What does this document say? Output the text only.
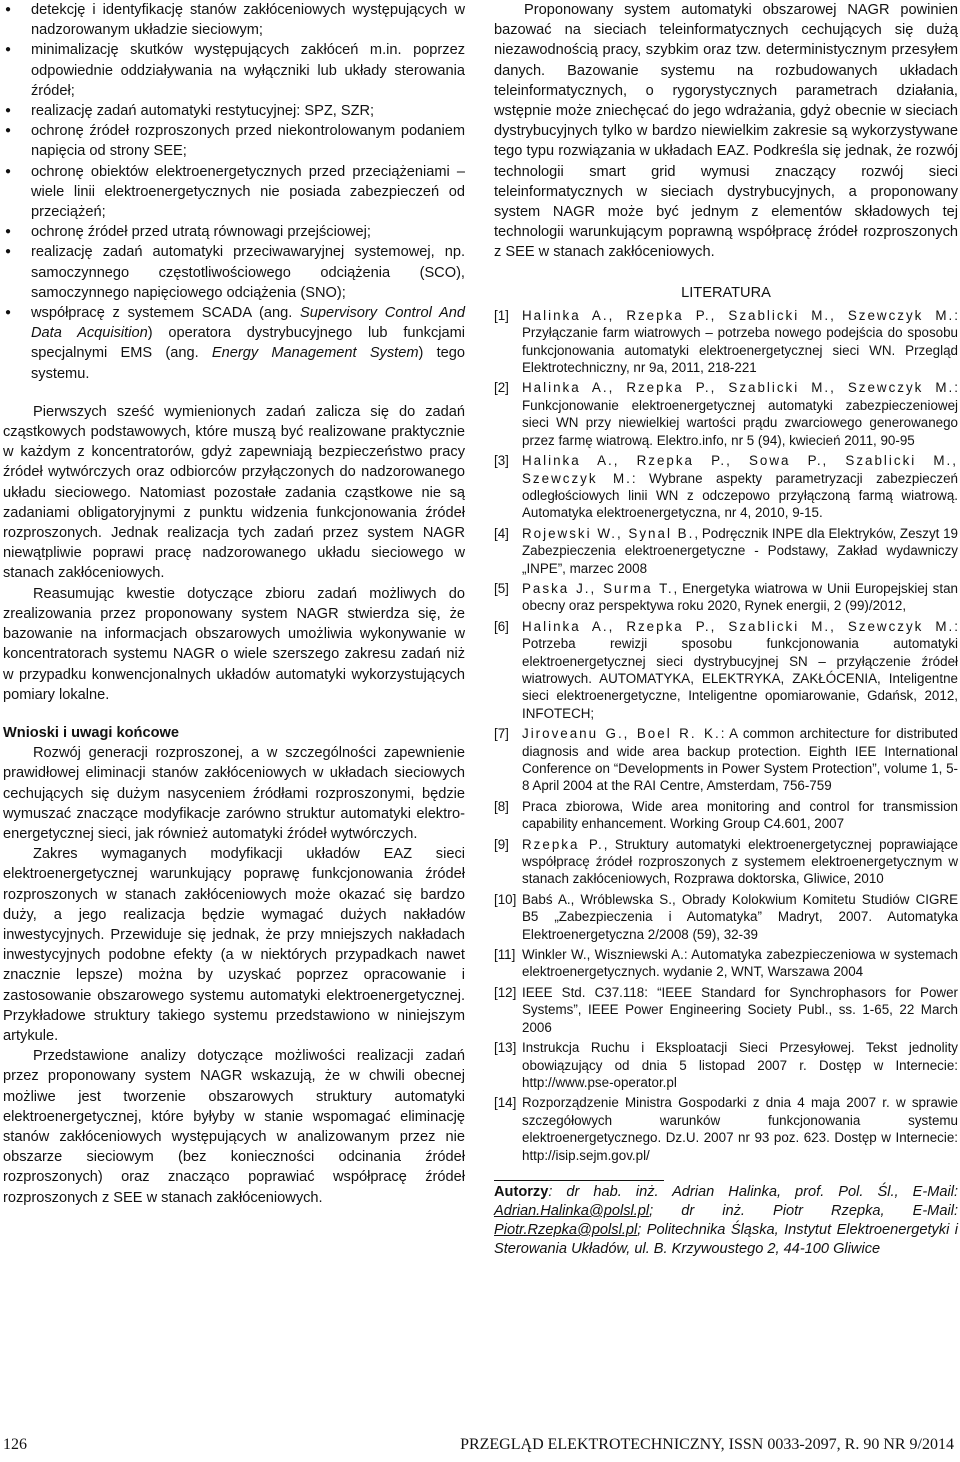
● detekcję i identyfikację stanów zakłóceniowych występujących w nadzorowanym układzie sieciowym;
● minimalizację skutków występujących zakłóceń m.in. poprzez odpowiednie oddziaływania na wyłączniki lub układy sterowania źródeł;
● realizację zadań automatyki restytucyjnej: SPZ, SZR;
● ochronę źródeł rozproszonych przed niekontrolowanym podaniem napięcia od strony SEE;
● ochronę obiektów elektroenergetycznych przed przeciążeniami – wiele linii elektroenergetycznych nie posiada zabezpieczeń od przeciążeń;
● ochronę źródeł przed utratą równowagi przejściowej;
● realizację zadań automatyki przeciwawaryjnej systemowej, np. samoczynnego częstotliwościowego odciążenia (SCO), samoczynnego napięciowego odciążenia (SNO);
● współpracę z systemem SCADA (ang. Supervisory Control And Data Acquisition) operatora dystrybucyjnego lub funkcjami specjalnymi EMS (ang. Energy Management System) tego systemu.

Pierwszych sześć wymienionych zadań zalicza się do zadań cząstkowych podstawowych, które muszą być realizowane praktycznie w każdym z koncentratorów, gdyż zapewniają bezpieczeństwo pracy źródeł wytwórczych oraz odbiorców przyłączonych do nadzorowanego układu sieciowego. Natomiast pozostałe zadania cząstkowe nie są zadaniami obligatoryjnymi z punktu widzenia funkcjonowania źródeł rozproszonych. Jednak realizacja tych zadań przez system NAGR niewątpliwie poprawi pracę nadzorowanego układu sieciowego w stanach zakłóceniowych.

Reasumując kwestie dotyczące zbioru zadań możliwych do zrealizowania przez proponowany system NAGR stwierdza się, że bazowanie na informacjach obszarowych umożliwia wykonywanie w koncentratorach systemu NAGR o wiele szerszego zakresu zadań niż w przypadku konwencjonalnych układów automatyki wykorzystujących pomiary lokalne.

Wnioski i uwagi końcowe

Rozwój generacji rozproszonej, a w szczególności zapewnienie prawidłowej eliminacji stanów zakłóceniowych w układach sieciowych cechujących się dużym nasyceniem źródłami rozproszonymi, będzie wymuszać znaczące modyfikacje zarówno struktur automatyki elektro-energetycznej sieci, jak również automatyki źródeł wytwórczych.

Zakres wymaganych modyfikacji układów EAZ sieci elektroenergetycznej warunkujący poprawę funkcjonowania źródeł rozproszonych w stanach zakłóceniowych może okazać się bardzo duży, a jego realizacja będzie wymagać dużych nakładów inwestycyjnych. Przewiduje się jednak, że przy mniejszych nakładach inwestycyjnych podobne efekty (a w niektórych przypadkach nawet znacznie lepsze) można by uzyskać poprzez opracowanie i zastosowanie obszarowego systemu automatyki elektroenergetycznej. Przykładowe struktury takiego systemu przedstawiono w niniejszym artykule.

Przedstawione analizy dotyczące możliwości realizacji zadań przez proponowany system NAGR wskazują, że w chwili obecnej możliwe jest tworzenie obszarowych struktury automatyki elektroenergetycznej, które byłyby w stanie wspomagać eliminację stanów zakłóceniowych występujących w analizowanym przez nie obszarze sieciowym (bez konieczności odcinania źródeł rozproszonych) oraz znacząco poprawiać współpracę źródeł rozproszonych z SEE w stanach zakłóceniowych.

Proponowany system automatyki obszarowej NAGR powinien bazować na sieciach teleinformatycznych cechujących się dużą niezawodnością pracy, szybkim oraz tzw. deterministycznym przesyłem danych. Bazowanie systemu na rozbudowanych układach teleinformatycznych, o rygorystycznych parametrach działania, wstępnie może zniechęcać do jego wdrażania, gdyż obecnie w sieciach dystrybucyjnych tylko w bardzo niewielkim zakresie są wykorzystywane tego typu rozwiązania w układach EAZ. Podkreśla się jednak, że rozwój technologii smart grid wymusi znaczący rozwój sieci teleinformatycznych w sieciach dystrybucyjnych, a proponowany system NAGR może być jednym z elementów składowych tej technologii warunkującym poprawną współpracę źródeł rozproszonych z SEE w stanach zakłóceniowych.

LITERATURA

[1] Halinka A., Rzepka P., Szablicki M., Szewczyk M.: Przyłączanie farm wiatrowych – potrzeba nowego podejścia do sposobu funkcjonowania automatyki elektroenergetycznej sieci WN. Przegląd Elektrotechniczny, nr 9a, 2011, 218-221
[2] Halinka A., Rzepka P., Szablicki M., Szewczyk M.: Funkcjonowanie elektroenergetycznej automatyki zabezpieczeniowej sieci WN przy niewielkiej wartości prądu zwarciowego generowanego przez farmę wiatrową. Elektro.info, nr 5 (94), kwiecień 2011, 90-95
[3] Halinka A., Rzepka P., Sowa P., Szablicki M., Szewczyk M.: Wybrane aspekty parametryzacji zabezpieczeń odległościowych linii WN z odczepowo przyłączoną farmą wiatrową. Automatyka elektroenergetyczna, nr 4, 2010, 9-15.
[4] Rojewski W., Synal B., Podręcznik INPE dla Elektryków, Zeszyt 19 Zabezpieczenia elektroenergetyczne - Podstawy, Zakład wydawniczy „INPE”, marzec 2008
[5] Paska J., Surma T., Energetyka wiatrowa w Unii Europejskiej stan obecny oraz perspektywa roku 2020, Rynek energii, 2 (99)/2012,
[6] Halinka A., Rzepka P., Szablicki M., Szewczyk M.: Potrzeba rewizji sposobu funkcjonowania automatyki elektroenergetycznej sieci dystrybucyjnej SN – przyłączenie źródeł wiatrowych. AUTOMATYKA, ELEKTRYKA, ZAKŁÓCENIA, Inteligentne sieci elektroenergetyczne, Inteligentne opomiarowanie, Gdańsk, 2012, INFOTECH;
[7] Jiroveanu G., Boel R. K.: A common architecture for distributed diagnosis and wide area backup protection. Eighth IEE International Conference on “Developments in Power System Protection”, volume 1, 5-8 April 2004 at the RAI Centre, Amsterdam, 756-759
[8] Praca zbiorowa, Wide area monitoring and control for transmission capability enhancement. Working Group C4.601, 2007
[9] Rzepka P., Struktury automatyki elektroenergetycznej poprawiające współpracę źródeł rozproszonych z systemem elektroenergetycznym w stanach zakłóceniowych, Rozprawa doktorska, Gliwice, 2010
[10] Babś A., Wróblewska S., Obrady Kolokwium Komitetu Studiów CIGRE B5 „Zabezpieczenia i Automatyka” Madryt, 2007. Automatyka Elektroenergetyczna 2/2008 (59), 32-39
[11] Winkler W., Wiszniewski A.: Automatyka zabezpieczeniowa w systemach elektroenergetycznych. wydanie 2, WNT, Warszawa 2004
[12] IEEE Std. C37.118: “IEEE Standard for Synchrophasors for Power Systems”, IEEE Power Engineering Society Publ., ss. 1-65, 22 March 2006
[13] Instrukcja Ruchu i Eksploatacji Sieci Przesyłowej. Tekst jednolity obowiązujący od dnia 5 listopad 2007 r. Dostęp w Internecie: http://www.pse-operator.pl
[14] Rozporządzenie Ministra Gospodarki z dnia 4 maja 2007 r. w sprawie szczegółowych warunków funkcjonowania systemu elektroenergetycznego. Dz.U. 2007 nr 93 poz. 623. Dostęp w Internecie: http://isip.sejm.gov.pl/

Autorzy: dr hab. inż. Adrian Halinka, prof. Pol. Śl., E-Mail: Adrian.Halinka@polsl.pl; dr inż. Piotr Rzepka, E-Mail: Piotr.Rzepka@polsl.pl; Politechnika Śląska, Instytut Elektroenergetyki i Sterowania Układów, ul. B. Krzywoustego 2, 44-100 Gliwice

126	PRZEGLĄD ELEKTROTECHNICZNY, ISSN 0033-2097, R. 90 NR 9/2014
